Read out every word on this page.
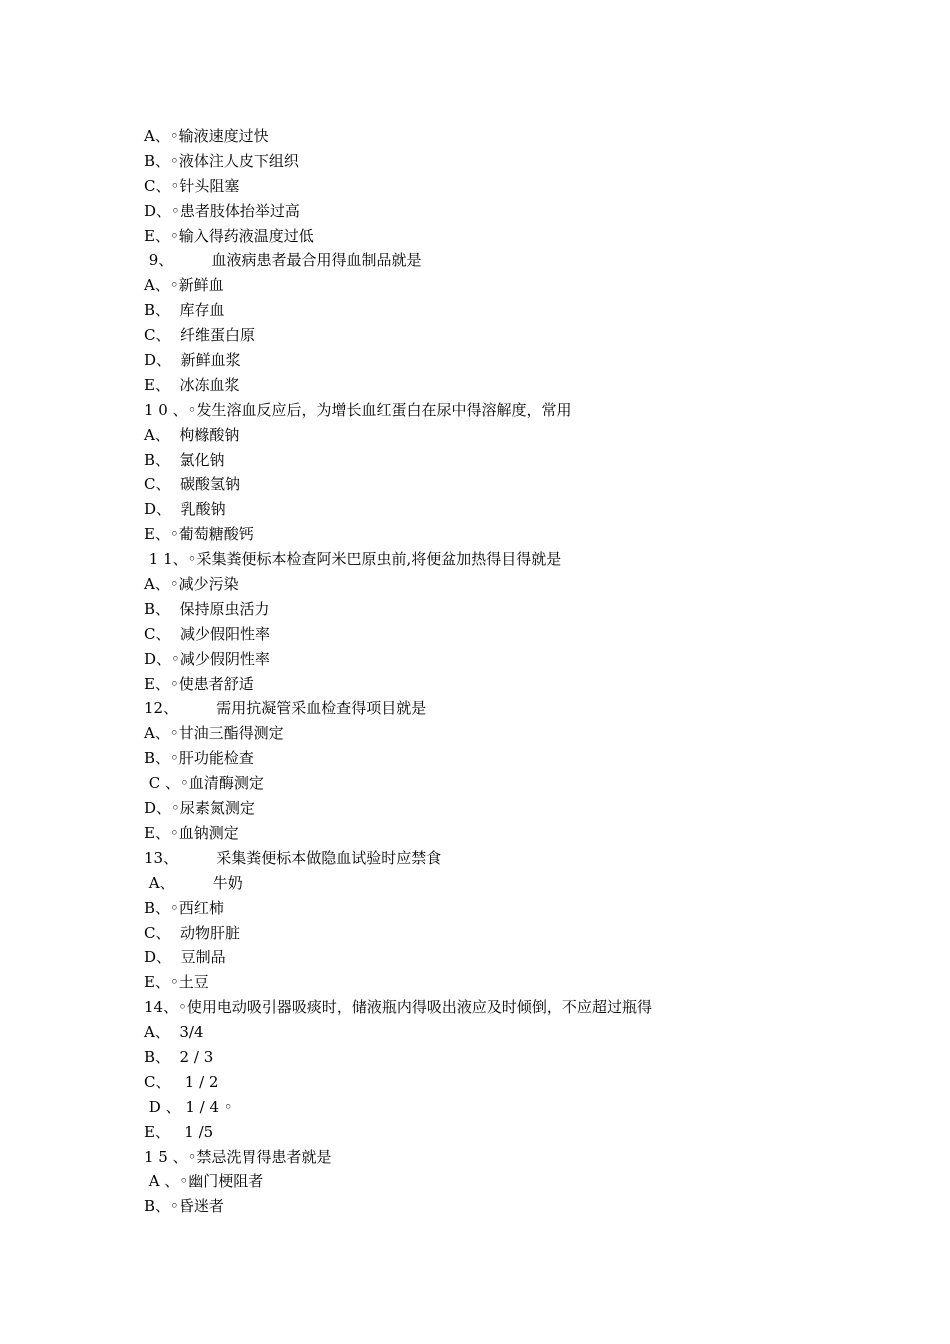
A、◦输液速度过快
B、◦液体注人皮下组织
C、◦针头阻塞
D、◦患者肢体抬举过高
E、◦输入得药液温度过低
9、        血液病患者最合用得血制品就是
A、◦新鲜血
B、  库存血
C、  纤维蛋白原
D、  新鲜血浆
E、  冰冻血浆
1 0 、◦发生溶血反应后，为增长血红蛋白在尿中得溶解度，常用
A、  枸橼酸钠
B、  氯化钠
C、  碳酸氢钠
D、  乳酸钠
E、◦葡萄糖酸钙
1 1、◦采集粪便标本检查阿米巴原虫前,将便盆加热得目得就是
A、◦减少污染
B、  保持原虫活力
C、  减少假阳性率
D、◦减少假阴性率
E、◦使患者舒适
12、        需用抗凝管采血检查得项目就是
A、◦甘油三酯得测定
B、◦肝功能检查
C 、◦血清酶测定
D、◦尿素氮测定
E、◦血钠测定
13、        采集粪便标本做隐血试验时应禁食
A、        牛奶
B、◦西红柿
C、  动物肝脏
D、  豆制品
E、◦土豆
14、◦使用电动吸引器吸痰时，储液瓶内得吸出液应及时倾倒，不应超过瓶得
A、  3/4
B、  2 / 3
C、   1 / 2
D 、 1 / 4 ◦
E、   1 /5
1 5 、◦禁忌洗胃得患者就是
A 、◦幽门梗阻者
B、◦昏迷者
